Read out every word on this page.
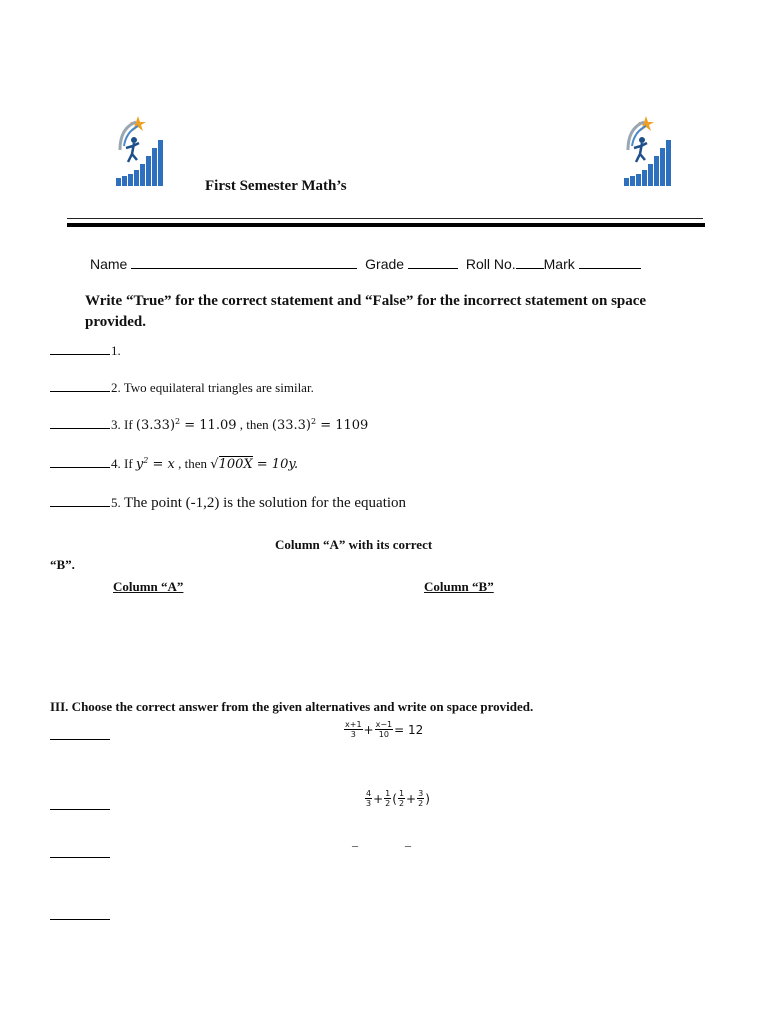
First Semester Math’s
Name	Grade	Roll No. Mark
Write “True” for the correct statement and “False” for the incorrect statement on space provided.
1.
2. Two equilateral triangles are similar.
3. If $(3.33)^2 = 11.09$ , then $(33.3)^2 = 1109$
4. If $y^2 = x$ , then √100X = 10y.
5. The point (-1,2) is the solution for the equation
Column “A” with its correct
“B”.
Column “A”	Column “B”
III. Choose the correct answer from the given alternatives and write on space provided.
$\frac{x+1}{3} + \frac{x-1}{10} = 12$
$\frac{4}{3} + \frac{1}{2}$ ( $\frac{1}{2} + \frac{3}{2}$ )
–	–
